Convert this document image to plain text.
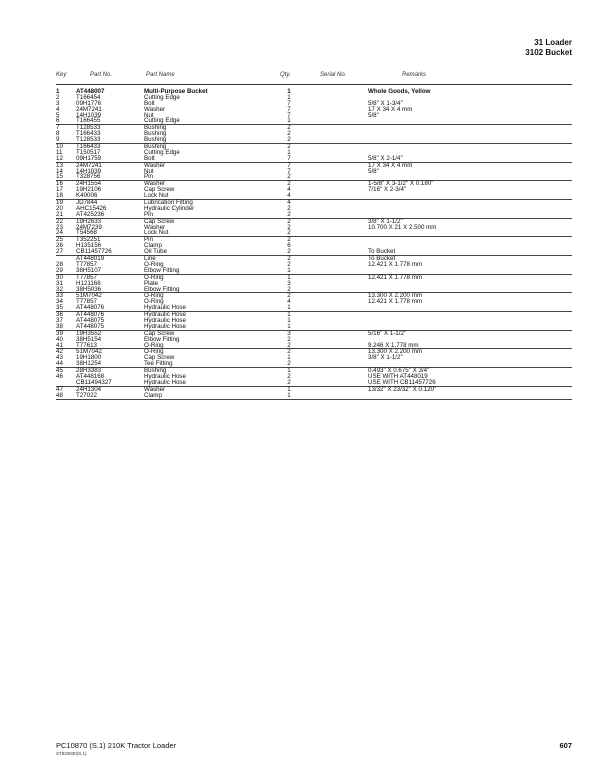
31 Loader
3102 Bucket
Key	Part No.	Part Name	Qty.	Serial No.	Remarks
1	AT448007	Multi-Purpose Bucket	1	Whole Goods, Yellow
2	T166454	Cutting Edge	1
3	09H1776	Bolt	7	5/8" X 1-3/4"
4	24M7241	Washer	7	17 X 34 X 4 mm
5	14H1039	Nut	7	5/8"
6	T166455	Cutting Edge	1
7	T128533	Bushing	2
8	T166433	Bushing	2
9	T128533	Bushing	2
10 T166433	Bushing	2
11 T150517	Cutting Edge	1
12 09H1759	Bolt	7	5/8" X 2-1/4"
13 24M7241	Washer	7	17 X 34 X 4 mm
14 14H1039	Nut	7	5/8"
15 T328756	Pin	2
16 24H1554	Washer	2	1-5/8" X 3-1/2" X 0.180"
17 19H2106	Cap Screw	4	7/16" X 2-3/4"
18 K40006	Lock Nut	4
19 JD7844	Lubrication Fitting	4
20 AHC15426	Hydraulic Cylinder	2
21 AT425236	Pin	2
22 19H2633	Cap Screw	2	3/8" X 1-1/2"
23 24M7239	Washer	2	10.700 X 21 X 2.500 mm
24 T54568	Lock Nut	2
25 T352251	Pin	2
26 H135156	Clamp	6
27 CB11457726	Oil Tube	2	To Bucket
AT448019	Line	2	To Bucket
28 T77857	O-Ring	2	12.421 X 1.778 mm
29 38H5107	Elbow Fitting	1
30 T77857	O-Ring	1	12.421 X 1.778 mm
31 H121168	Plate	3
32 38H5036	Elbow Fitting	2
33 51M7042	O-Ring	2	13.300 X 2.200 mm
34 T77857	O-Ring	4	12.421 X 1.778 mm
35 AT448076	Hydraulic Hose	1
36 AT448076	Hydraulic Hose	1
37 AT448075	Hydraulic Hose	1
38 AT448075	Hydraulic Hose	1
39 19H3552	Cap Screw	3	5/16" X 1-1/2"
40 38H5154	Elbow Fitting	2
41 T77613	O-Ring	2	9.246 X 1.778 mm
42 51M7042	O-Ring	2	13.300 X 2.200 mm
43 19H1800	Cap Screw	1	3/8" X 1-1/2"
44 38H1254	Tee Fitting	2
45 28H3383	Bushing	1	0.493" X 0.675" X 3/4"
46 AT448168	Hydraulic Hose	2	USE WITH AT448019
CB11494327	Hydraulic Hose	2	USE WITH CB11457726
47 24H1304	Washer	1	13/32" X 23/32" X 0.120"
48 T27022	Clamp	1
PC10870 (S.1) 210K Tractor Loader
ST833930(S.1)
607
